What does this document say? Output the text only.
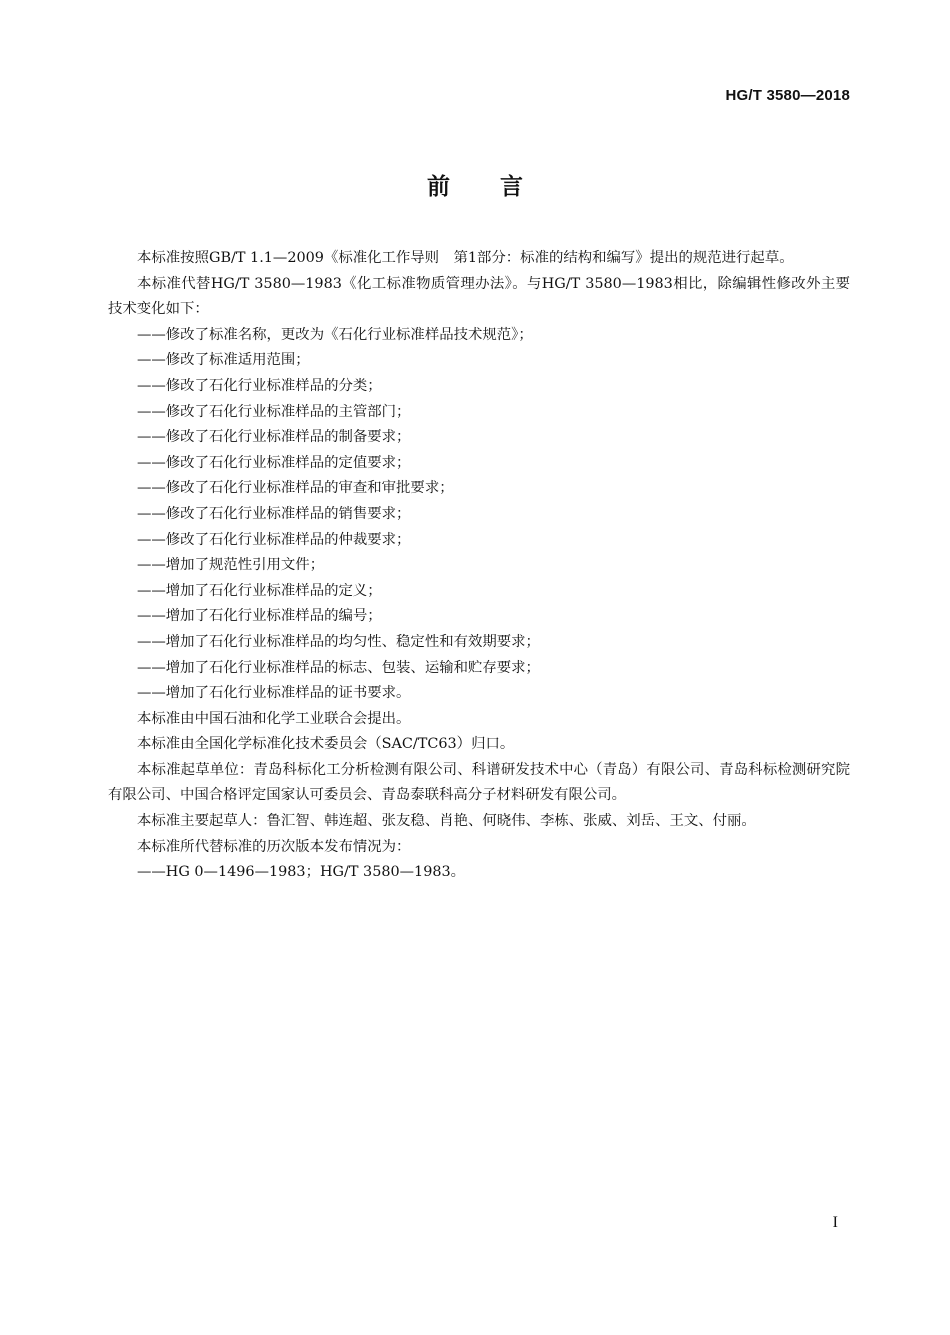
HG/T 3580—2018
前言

本标准按照GB/T 1.1—2009《标准化工作导则　第1部分：标准的结构和编写》提出的规范进行起草。

本标准代替HG/T 3580—1983《化工标准物质管理办法》。与HG/T 3580—1983相比，除编辑性修改外主要技术变化如下：

——修改了标准名称，更改为《石化行业标准样品技术规范》；

——修改了标准适用范围；

——修改了石化行业标准样品的分类；

——修改了石化行业标准样品的主管部门；

——修改了石化行业标准样品的制备要求；

——修改了石化行业标准样品的定值要求；

——修改了石化行业标准样品的审查和审批要求；

——修改了石化行业标准样品的销售要求；

——修改了石化行业标准样品的仲裁要求；

——增加了规范性引用文件；

——增加了石化行业标准样品的定义；

——增加了石化行业标准样品的编号；

——增加了石化行业标准样品的均匀性、稳定性和有效期要求；

——增加了石化行业标准样品的标志、包装、运输和贮存要求；

——增加了石化行业标准样品的证书要求。

本标准由中国石油和化学工业联合会提出。

本标准由全国化学标准化技术委员会（SAC/TC63）归口。

本标准起草单位：青岛科标化工分析检测有限公司、科谱研发技术中心（青岛）有限公司、青岛科标检测研究院有限公司、中国合格评定国家认可委员会、青岛泰联科高分子材料研发有限公司。

本标准主要起草人：鲁汇智、韩连超、张友稳、肖艳、何晓伟、李栋、张威、刘岳、王文、付丽。

本标准所代替标准的历次版本发布情况为：

——HG 0—1496—1983；HG/T 3580—1983。

I
